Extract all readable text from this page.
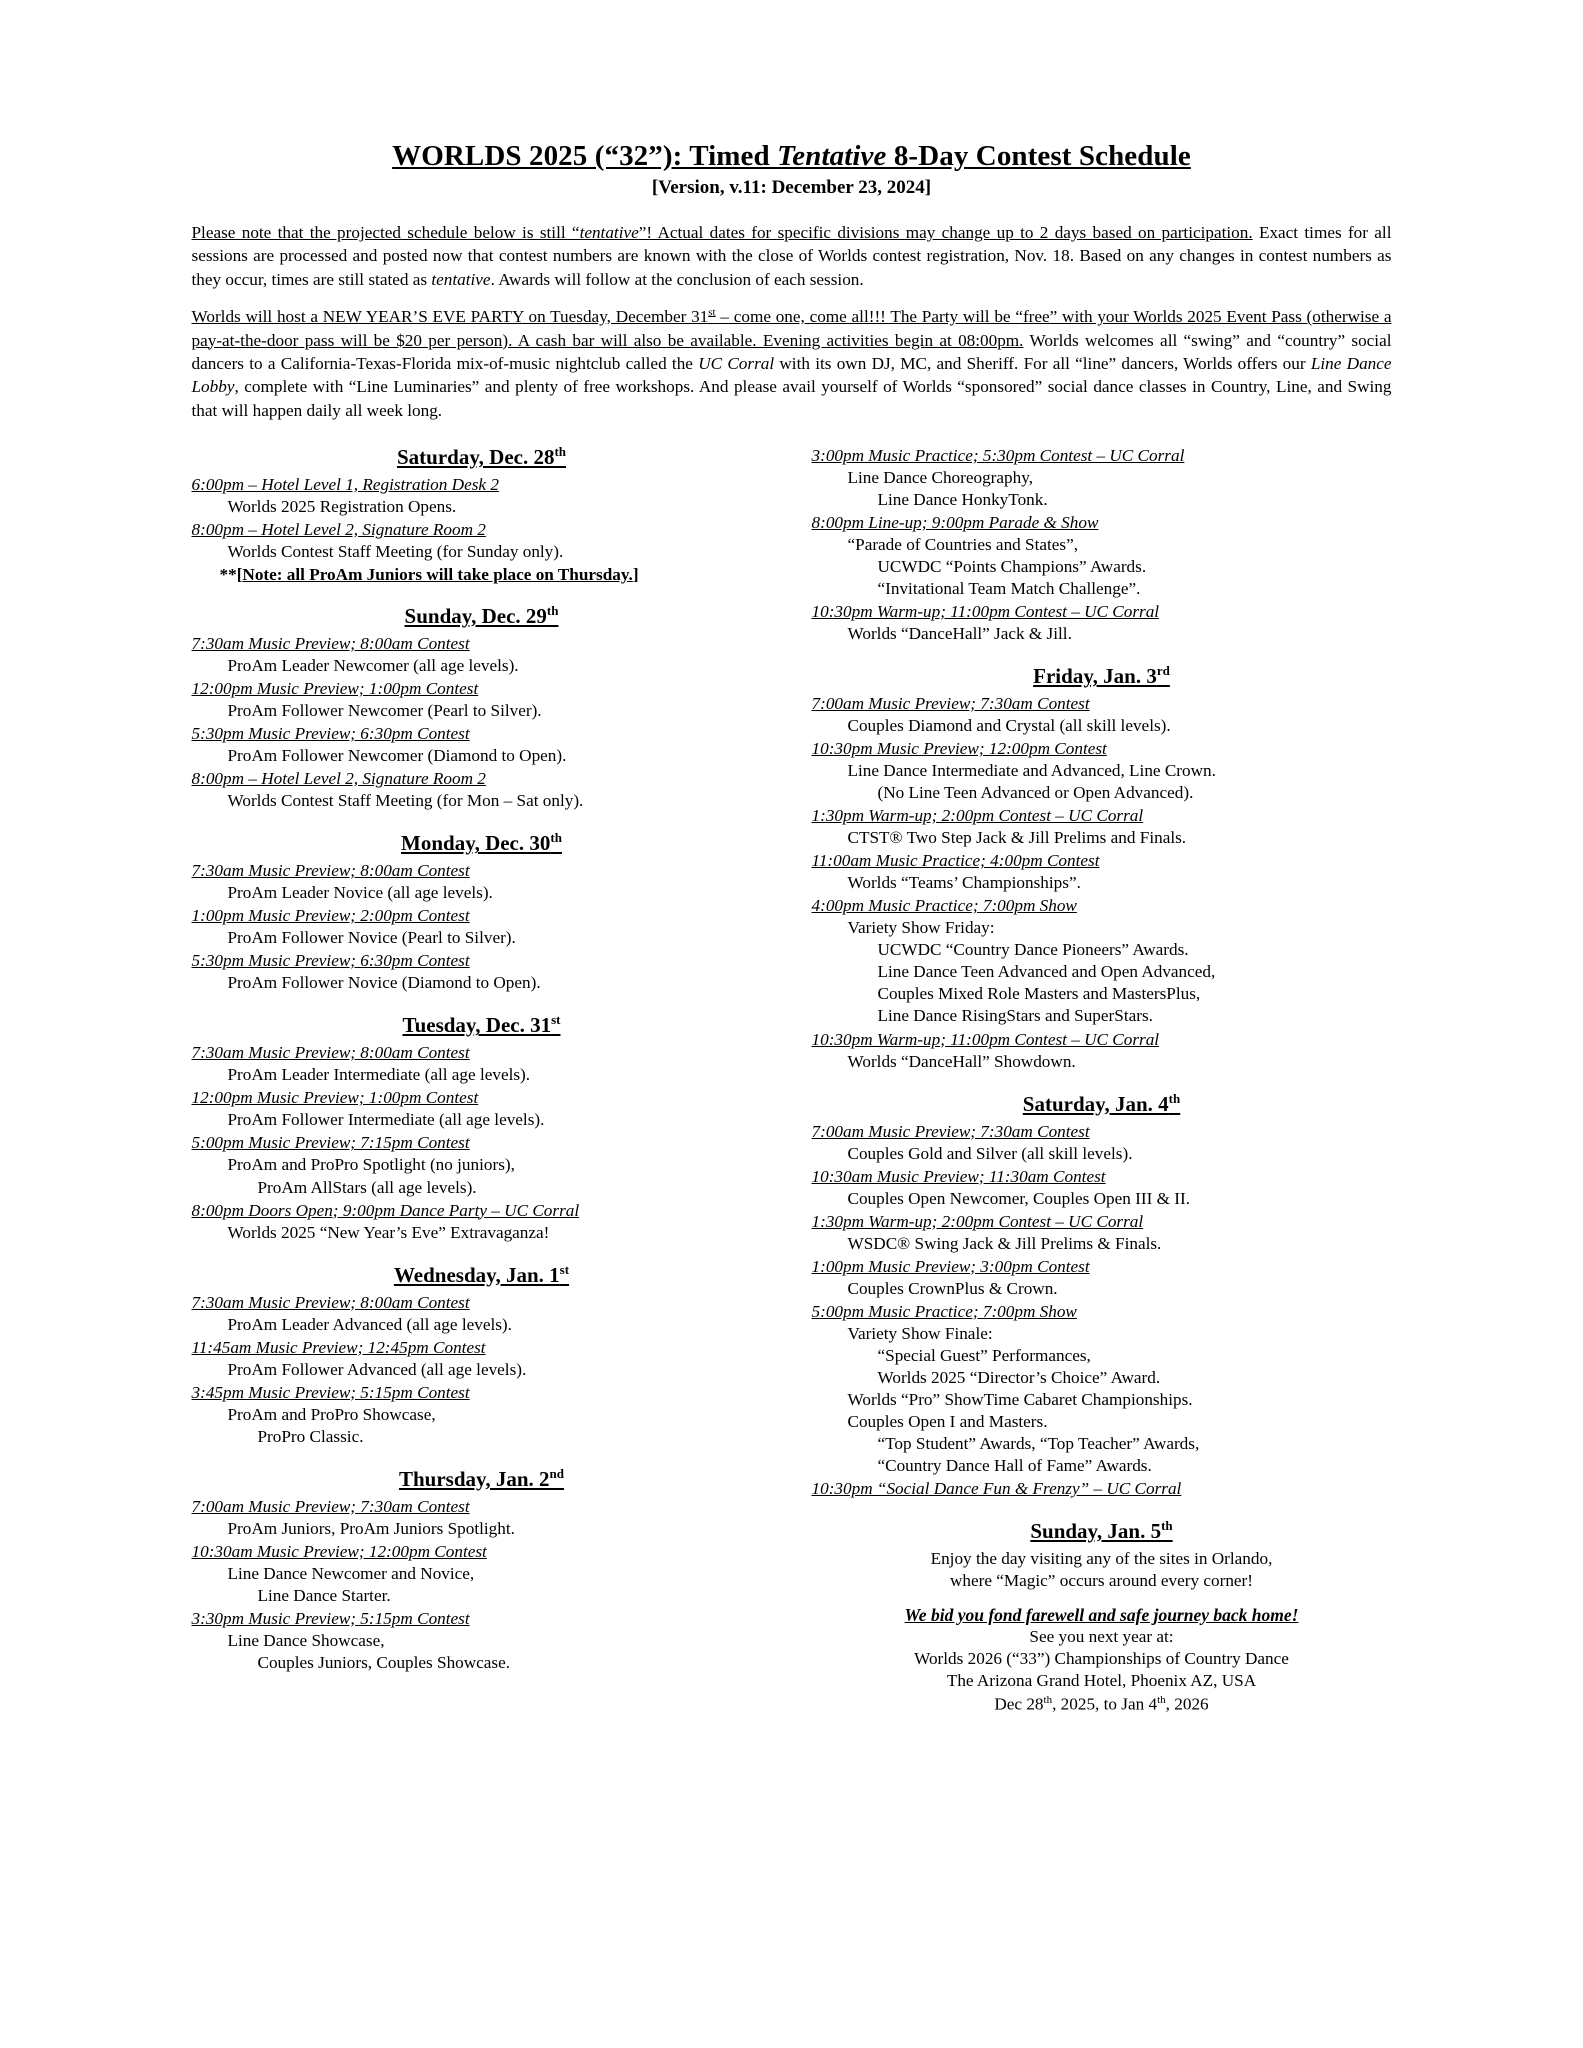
WORLDS 2025 (“32”): Timed Tentative 8-Day Contest Schedule
[Version, v.11: December 23, 2024]

Please note that the projected schedule below is still “tentative”! Actual dates for specific divisions may change up to 2 days based on participation. Exact times for all sessions are processed and posted now that contest numbers are known with the close of Worlds contest registration, Nov. 18. Based on any changes in contest numbers as they occur, times are still stated as tentative. Awards will follow at the conclusion of each session.

Worlds will host a NEW YEAR’S EVE PARTY on Tuesday, December 31st – come one, come all!!! The Party will be “free” with your Worlds 2025 Event Pass (otherwise a pay-at-the-door pass will be $20 per person). A cash bar will also be available. Evening activities begin at 08:00pm. Worlds welcomes all “swing” and “country” social dancers to a California-Texas-Florida mix-of-music nightclub called the UC Corral with its own DJ, MC, and Sheriff. For all “line” dancers, Worlds offers our Line Dance Lobby, complete with “Line Luminaries” and plenty of free workshops. And please avail yourself of Worlds “sponsored” social dance classes in Country, Line, and Swing that will happen daily all week long.

Saturday, Dec. 28th
6:00pm – Hotel Level 1, Registration Desk 2
Worlds 2025 Registration Opens.
8:00pm – Hotel Level 2, Signature Room 2
Worlds Contest Staff Meeting (for Sunday only).
**[Note: all ProAm Juniors will take place on Thursday.]
Sunday, Dec. 29th
7:30am Music Preview; 8:00am Contest
ProAm Leader Newcomer (all age levels).
12:00pm Music Preview; 1:00pm Contest
ProAm Follower Newcomer (Pearl to Silver).
5:30pm Music Preview; 6:30pm Contest
ProAm Follower Newcomer (Diamond to Open).
8:00pm – Hotel Level 2, Signature Room 2
Worlds Contest Staff Meeting (for Mon – Sat only).
Monday, Dec. 30th
7:30am Music Preview; 8:00am Contest
ProAm Leader Novice (all age levels).
1:00pm Music Preview; 2:00pm Contest
ProAm Follower Novice (Pearl to Silver).
5:30pm Music Preview; 6:30pm Contest
ProAm Follower Novice (Diamond to Open).
Tuesday, Dec. 31st
7:30am Music Preview; 8:00am Contest
ProAm Leader Intermediate (all age levels).
12:00pm Music Preview; 1:00pm Contest
ProAm Follower Intermediate (all age levels).
5:00pm Music Preview; 7:15pm Contest
ProAm and ProPro Spotlight (no juniors),
ProAm AllStars (all age levels).
8:00pm Doors Open; 9:00pm Dance Party – UC Corral
Worlds 2025 “New Year’s Eve” Extravaganza!
Wednesday, Jan. 1st
7:30am Music Preview; 8:00am Contest
ProAm Leader Advanced (all age levels).
11:45am Music Preview; 12:45pm Contest
ProAm Follower Advanced (all age levels).
3:45pm Music Preview; 5:15pm Contest
ProAm and ProPro Showcase,
ProPro Classic.
Thursday, Jan. 2nd
7:00am Music Preview; 7:30am Contest
ProAm Juniors, ProAm Juniors Spotlight.
10:30am Music Preview; 12:00pm Contest
Line Dance Newcomer and Novice,
Line Dance Starter.
3:30pm Music Preview; 5:15pm Contest
Line Dance Showcase,
Couples Juniors, Couples Showcase.
3:00pm Music Practice; 5:30pm Contest – UC Corral
Line Dance Choreography,
Line Dance HonkyTonk.
8:00pm Line-up; 9:00pm Parade & Show
“Parade of Countries and States”,
UCWDC “Points Champions” Awards.
“Invitational Team Match Challenge”.
10:30pm Warm-up; 11:00pm Contest – UC Corral
Worlds “DanceHall” Jack & Jill.
Friday, Jan. 3rd
7:00am Music Preview; 7:30am Contest
Couples Diamond and Crystal (all skill levels).
10:30pm Music Preview; 12:00pm Contest
Line Dance Intermediate and Advanced, Line Crown.
(No Line Teen Advanced or Open Advanced).
1:30pm Warm-up; 2:00pm Contest – UC Corral
CTST® Two Step Jack & Jill Prelims and Finals.
11:00am Music Practice; 4:00pm Contest
Worlds “Teams’ Championships”.
4:00pm Music Practice; 7:00pm Show
Variety Show Friday:
UCWDC “Country Dance Pioneers” Awards.
Line Dance Teen Advanced and Open Advanced,
Couples Mixed Role Masters and MastersPlus,
Line Dance RisingStars and SuperStars.
10:30pm Warm-up; 11:00pm Contest – UC Corral
Worlds “DanceHall” Showdown.
Saturday, Jan. 4th
7:00am Music Preview; 7:30am Contest
Couples Gold and Silver (all skill levels).
10:30am Music Preview; 11:30am Contest
Couples Open Newcomer, Couples Open III & II.
1:30pm Warm-up; 2:00pm Contest – UC Corral
WSDC® Swing Jack & Jill Prelims & Finals.
1:00pm Music Preview; 3:00pm Contest
Couples CrownPlus & Crown.
5:00pm Music Practice; 7:00pm Show
Variety Show Finale:
“Special Guest” Performances,
Worlds 2025 “Director’s Choice” Award.
Worlds “Pro” ShowTime Cabaret Championships.
Couples Open I and Masters.
“Top Student” Awards, “Top Teacher” Awards,
“Country Dance Hall of Fame” Awards.
10:30pm “Social Dance Fun & Frenzy” – UC Corral
Sunday, Jan. 5th
Enjoy the day visiting any of the sites in Orlando,
where “Magic” occurs around every corner!
We bid you fond farewell and safe journey back home!
See you next year at:
Worlds 2026 (“33”) Championships of Country Dance
The Arizona Grand Hotel, Phoenix AZ, USA
Dec 28th, 2025, to Jan 4th, 2026
